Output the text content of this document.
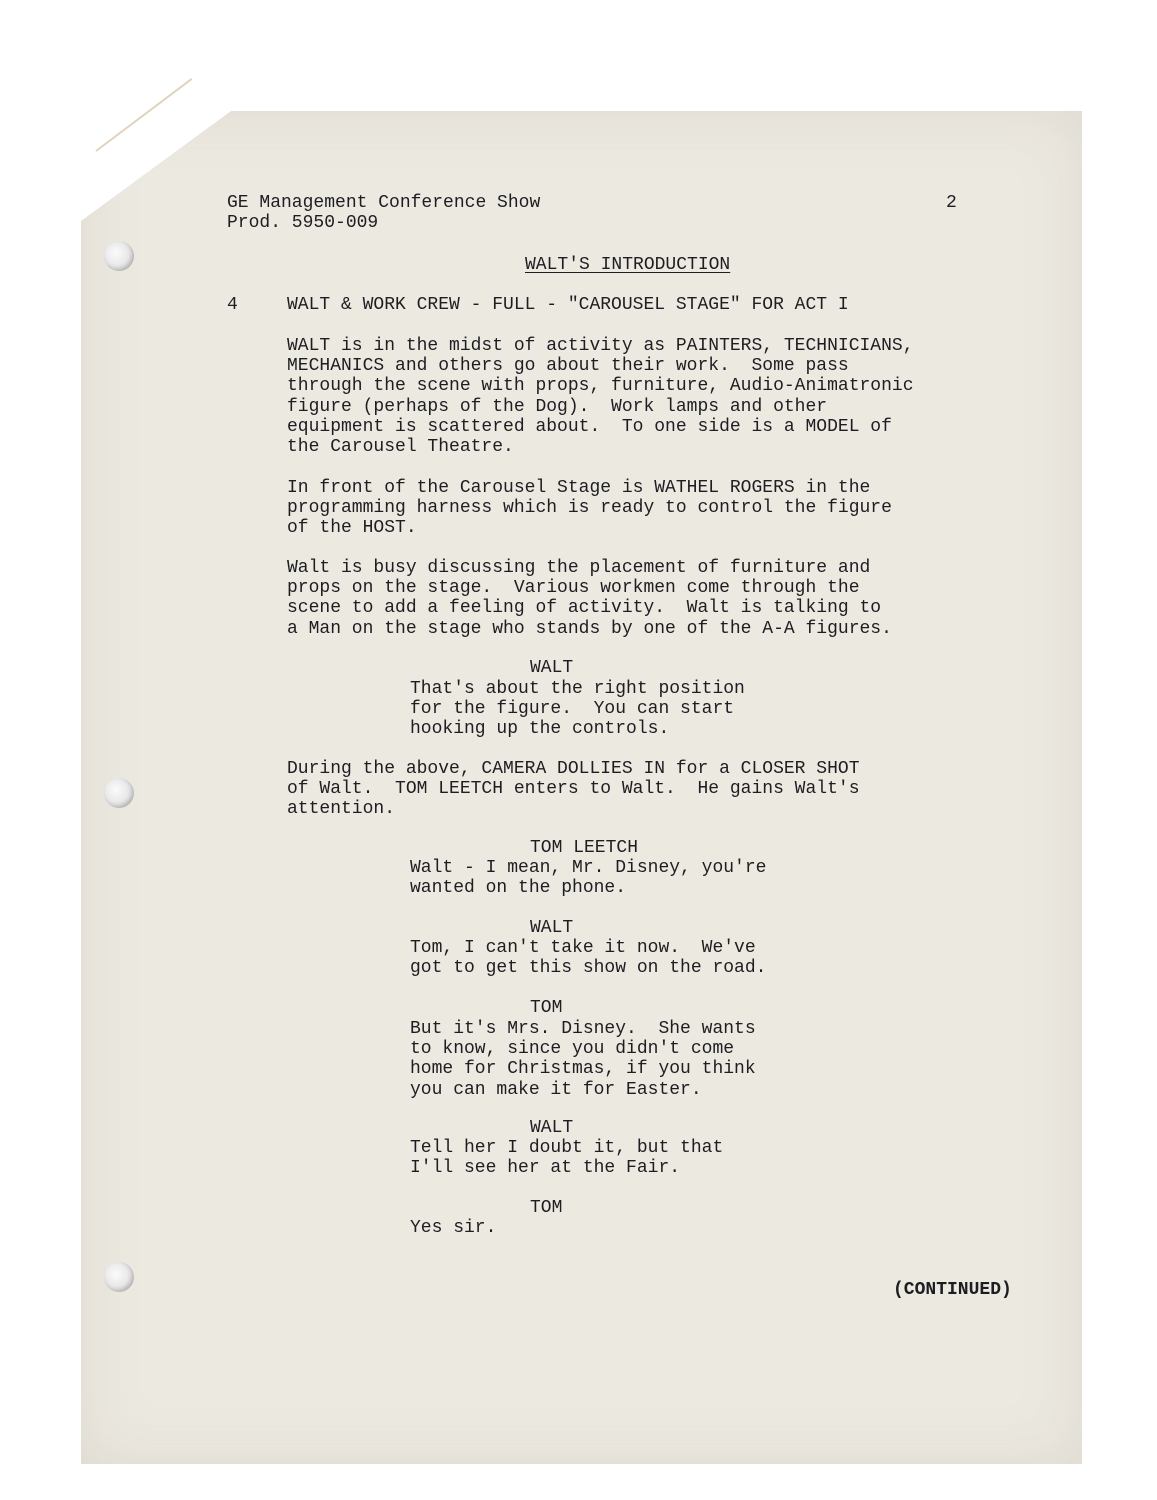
GE Management Conference Show
Prod. 5950-009
2
WALT'S INTRODUCTION
4	WALT & WORK CREW - FULL - "CAROUSEL STAGE" FOR ACT I
WALT is in the midst of activity as PAINTERS, TECHNICIANS,
MECHANICS and others go about their work.  Some pass
through the scene with props, furniture, Audio-Animatronic
figure (perhaps of the Dog).  Work lamps and other
equipment is scattered about.  To one side is a MODEL of
the Carousel Theatre.
In front of the Carousel Stage is WATHEL ROGERS in the
programming harness which is ready to control the figure
of the HOST.
Walt is busy discussing the placement of furniture and
props on the stage.  Various workmen come through the
scene to add a feeling of activity.  Walt is talking to
a Man on the stage who stands by one of the A-A figures.
WALT
That's about the right position
for the figure.  You can start
hooking up the controls.
During the above, CAMERA DOLLIES IN for a CLOSER SHOT
of Walt.  TOM LEETCH enters to Walt.  He gains Walt's
attention.
TOM LEETCH
Walt - I mean, Mr. Disney, you're
wanted on the phone.
WALT
Tom, I can't take it now.  We've
got to get this show on the road.
TOM
But it's Mrs. Disney.  She wants
to know, since you didn't come
home for Christmas, if you think
you can make it for Easter.
WALT
Tell her I doubt it, but that
I'll see her at the Fair.
TOM
Yes sir.
(CONTINUED)
